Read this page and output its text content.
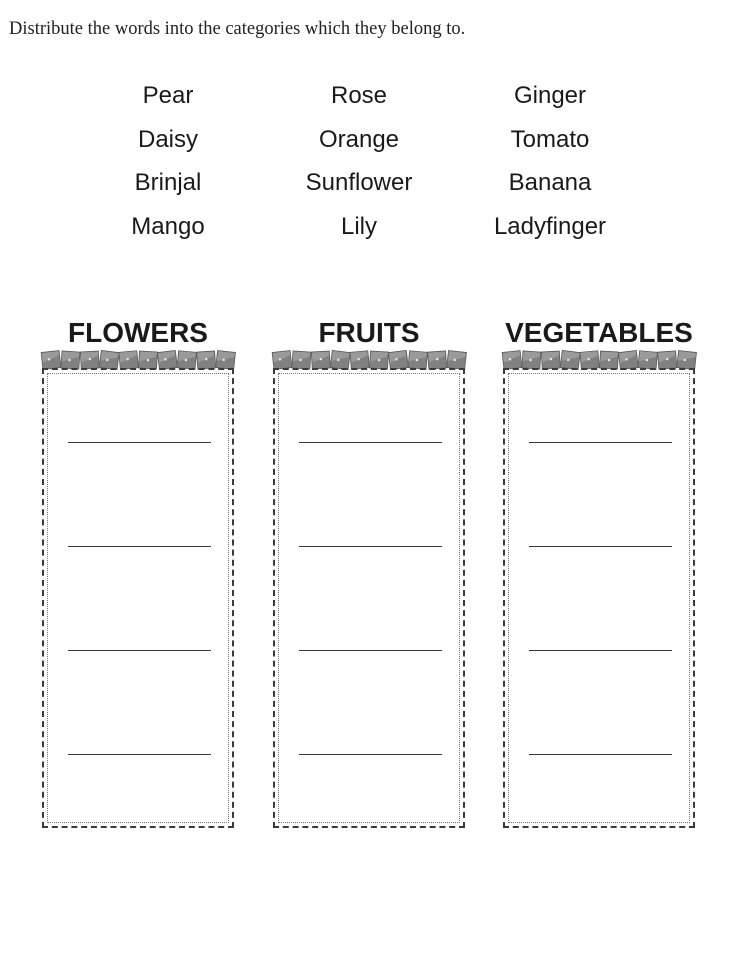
Distribute the words into the categories which they belong to.
Pear
Daisy
Brinjal
Mango
Rose
Orange
Sunflower
Lily
Ginger
Tomato
Banana
Ladyfinger
FLOWERS	FRUITS	VEGETABLES
